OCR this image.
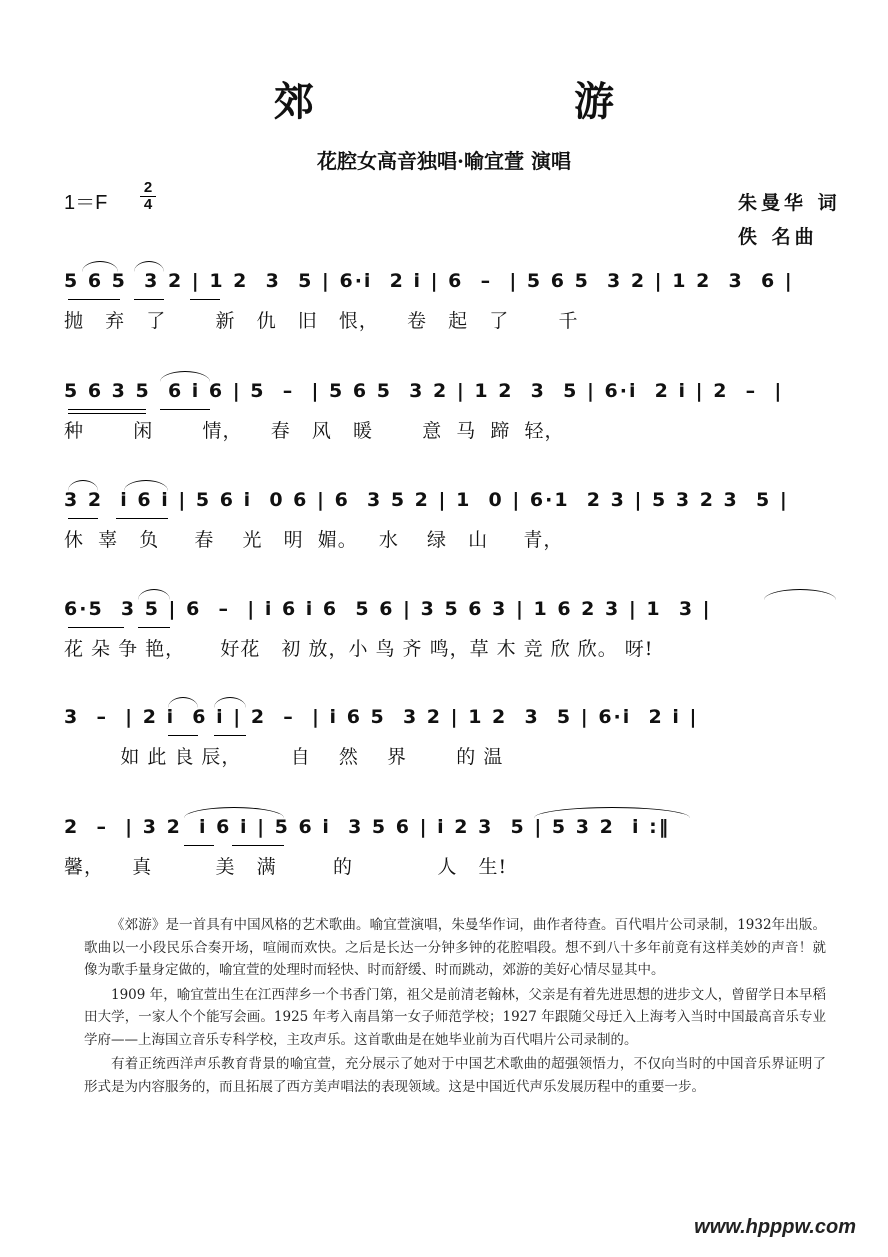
郊　游
花腔女高音独唱·喻宜萱 演唱
1＝F
2
4	朱曼华 词
佚 名曲
5 6 5  3 2 | 1 2  3  5 | 6·i  2 i | 6  –  | 5 6 5  3 2 | 1 2  3  6 |
抛   弃   了       新   仇   旧   恨，    卷   起   了       千
5 6 3 5  6 i 6 | 5  –  | 5 6 5  3 2 | 1 2  3  5 | 6·i  2 i | 2  –  |
种       闲       情，    春   风   暖       意  马  蹄  轻，
3 2  i 6 i | 5 6 i  0 6 | 6  3 5 2 | 1  0 | 6·1  2 3 | 5 3 2 3  5 |
休  辜   负     春    光   明  媚。   水    绿   山     青，
6·5  3 5 | 6  –  | i 6 i 6  5 6 | 3 5 6 3 | 1 6 2 3 | 1  3 |
花 朵 争 艳，     好花   初 放，小 鸟 齐 鸣，草 木 竞 欣 欣。 呀!
3  –  | 2 i  6 i | 2  –  | i 6 5  3 2 | 1 2  3  5 | 6·i  2 i |
如 此 良 辰，       自    然    界       的 温
2  –  | 3 2  i 6 i | 5 6 i  3 5 6 | i 2 3  5 | 5 3 2  i :‖
馨，    真         美   满        的            人   生!

《郊游》是一首具有中国风格的艺术歌曲。喻宜萱演唱，朱曼华作词，曲作者待查。百代唱片公司录制，1932年出版。歌曲以一小段民乐合奏开场，喧闹而欢快。之后是长达一分钟多钟的花腔唱段。想不到八十多年前竟有这样美妙的声音！就像为歌手量身定做的，喻宜萱的处理时而轻快、时而舒缓、时而跳动，郊游的美好心情尽显其中。

1909 年，喻宜萱出生在江西萍乡一个书香门第，祖父是前清老翰林，父亲是有着先进思想的进步文人，曾留学日本早稻田大学，一家人个个能写会画。1925 年考入南昌第一女子师范学校；1927 年跟随父母迁入上海考入当时中国最高音乐专业学府——上海国立音乐专科学校，主攻声乐。这首歌曲是在她毕业前为百代唱片公司录制的。

有着正统西洋声乐教育背景的喻宜萱，充分展示了她对于中国艺术歌曲的超强领悟力，不仅向当时的中国音乐界证明了形式是为内容服务的，而且拓展了西方美声唱法的表现领域。这是中国近代声乐发展历程中的重要一步。

www.hpppw.com
